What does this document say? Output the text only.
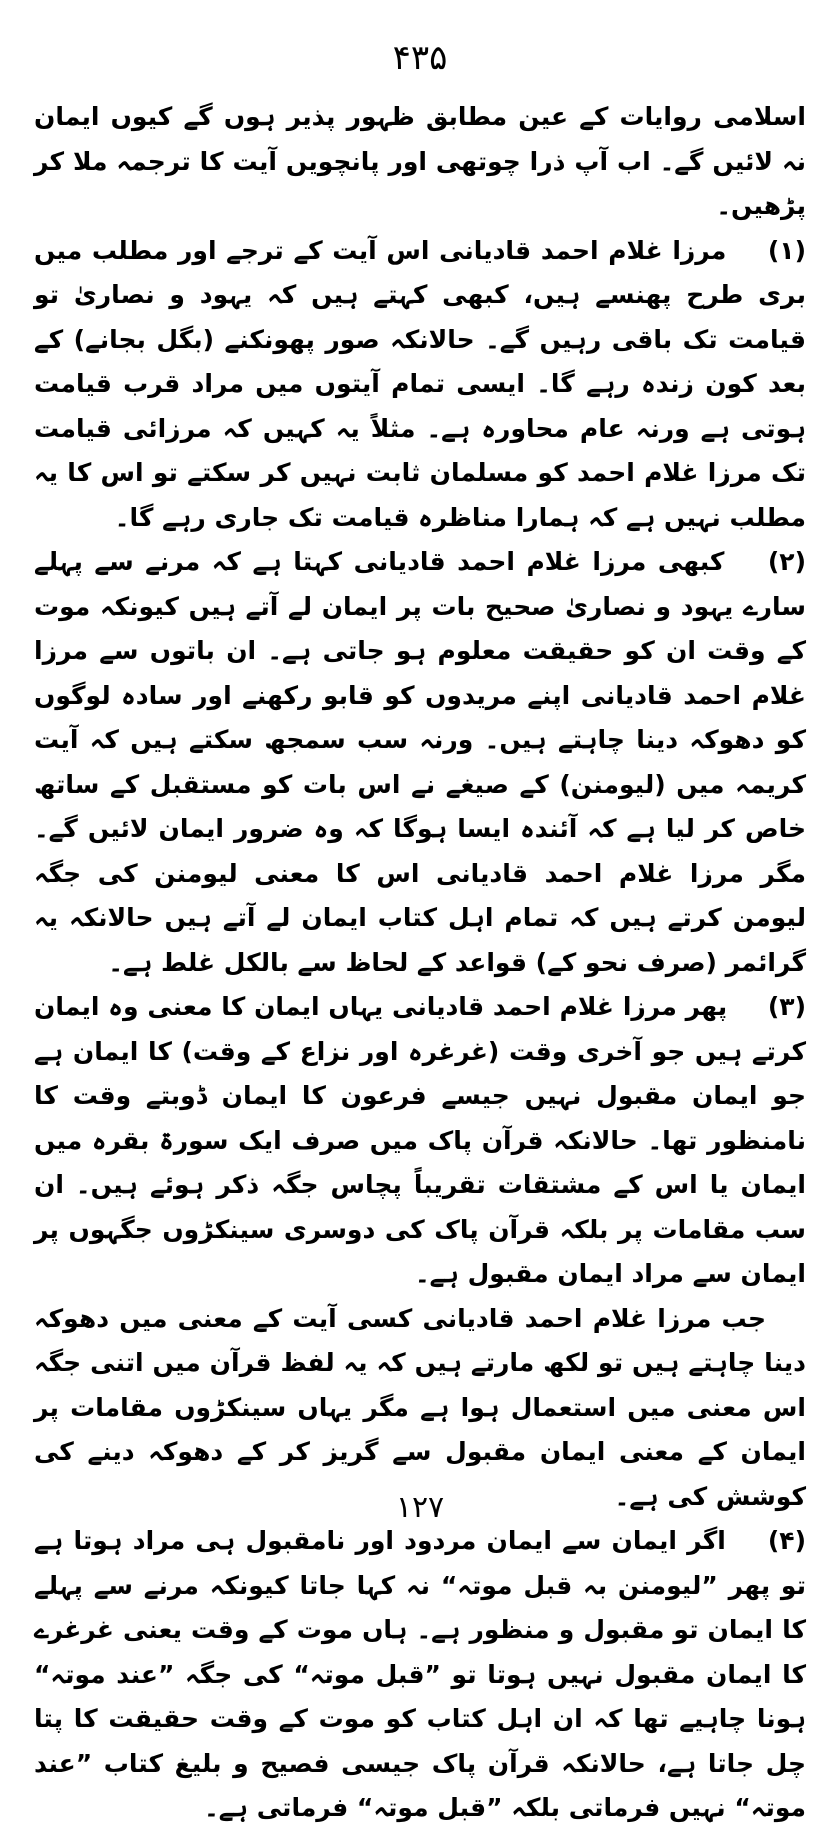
۴۳۵

اسلامی روایات کے عین مطابق ظہور پذیر ہوں گے کیوں ایمان نہ لائیں گے۔ اب آپ ذرا چوتھی اور پانچویں آیت کا ترجمہ ملا کر پڑھیں۔

(۱) مرزا غلام احمد قادیانی اس آیت کے ترجے اور مطلب میں بری طرح پھنسے ہیں، کبھی کہتے ہیں کہ یہود و نصاریٰ تو قیامت تک باقی رہیں گے۔ حالانکہ صور پھونکنے (بگل بجانے) کے بعد کون زندہ رہے گا۔ ایسی تمام آیتوں میں مراد قرب قیامت ہوتی ہے ورنہ عام محاورہ ہے۔ مثلاً یہ کہیں کہ مرزائی قیامت تک مرزا غلام احمد کو مسلمان ثابت نہیں کر سکتے تو اس کا یہ مطلب نہیں ہے کہ ہمارا مناظرہ قیامت تک جاری رہے گا۔

(۲) کبھی مرزا غلام احمد قادیانی کہتا ہے کہ مرنے سے پہلے سارے یہود و نصاریٰ صحیح بات پر ایمان لے آتے ہیں کیونکہ موت کے وقت ان کو حقیقت معلوم ہو جاتی ہے۔ ان باتوں سے مرزا غلام احمد قادیانی اپنے مریدوں کو قابو رکھنے اور سادہ لوگوں کو دھوکہ دینا چاہتے ہیں۔ ورنہ سب سمجھ سکتے ہیں کہ آیت کریمہ میں (لیومنن) کے صیغے نے اس بات کو مستقبل کے ساتھ خاص کر لیا ہے کہ آئندہ ایسا ہوگا کہ وہ ضرور ایمان لائیں گے۔ مگر مرزا غلام احمد قادیانی اس کا معنی لیومنن کی جگہ لیومن کرتے ہیں کہ تمام اہل کتاب ایمان لے آتے ہیں حالانکہ یہ گرائمر (صرف نحو کے) قواعد کے لحاظ سے بالکل غلط ہے۔

(۳) پھر مرزا غلام احمد قادیانی یہاں ایمان کا معنی وہ ایمان کرتے ہیں جو آخری وقت (غرغرہ اور نزاع کے وقت) کا ایمان ہے جو ایمان مقبول نہیں جیسے فرعون کا ایمان ڈوبتے وقت کا نامنظور تھا۔ حالانکہ قرآن پاک میں صرف ایک سورۃ بقرہ میں ایمان یا اس کے مشتقات تقریباً پچاس جگہ ذکر ہوئے ہیں۔ ان سب مقامات پر بلکہ قرآن پاک کی دوسری سینکڑوں جگہوں پر ایمان سے مراد ایمان مقبول ہے۔

جب مرزا غلام احمد قادیانی کسی آیت کے معنی میں دھوکہ دینا چاہتے ہیں تو لکھ مارتے ہیں کہ یہ لفظ قرآن میں اتنی جگہ اس معنی میں استعمال ہوا ہے مگر یہاں سینکڑوں مقامات پر ایمان کے معنی ایمان مقبول سے گریز کر کے دھوکہ دینے کی کوشش کی ہے۔

(۴) اگر ایمان سے ایمان مردود اور نامقبول ہی مراد ہوتا ہے تو پھر ”لیومنن بہ قبل موتہ“ نہ کہا جاتا کیونکہ مرنے سے پہلے کا ایمان تو مقبول و منظور ہے۔ ہاں موت کے وقت یعنی غرغرے کا ایمان مقبول نہیں ہوتا تو ”قبل موتہ“ کی جگہ ”عند موتہ“ ہونا چاہیے تھا کہ ان اہل کتاب کو موت کے وقت حقیقت کا پتا چل جاتا ہے، حالانکہ قرآن پاک جیسی فصیح و بلیغ کتاب ”عند موتہ“ نہیں فرماتی بلکہ ”قبل موتہ“ فرماتی ہے۔

۱۲۷
